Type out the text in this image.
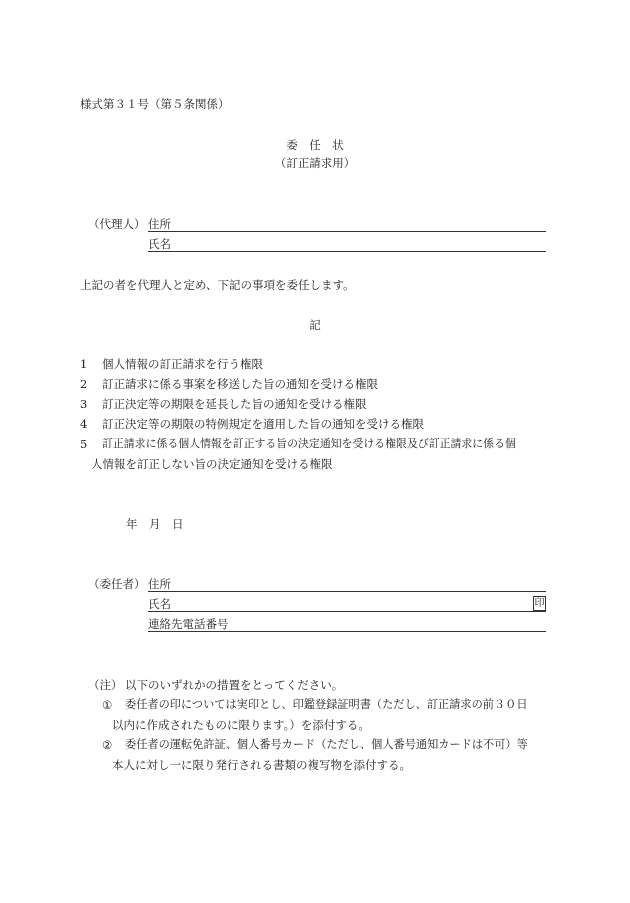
様式第３１号（第５条関係）
委　任　状
（訂正請求用）
（代理人） 住所
氏名
上記の者を代理人と定め、下記の事項を委任します。
記
1 個人情報の訂正請求を行う権限
2 訂正請求に係る事案を移送した旨の通知を受ける権限
3 訂正決定等の期限を延長した旨の通知を受ける権限
4 訂正決定等の期限の特例規定を適用した旨の通知を受ける権限
5 訂正請求に係る個人情報を訂正する旨の決定通知を受ける権限及び訂正請求に係る個
人情報を訂正しない旨の決定通知を受ける権限
年　月　日
（委任者） 住所
氏名	印
連絡先電話番号
（注） 以下のいずれかの措置をとってください。
① 委任者の印については実印とし、印鑑登録証明書（ただし、訂正請求の前３０日
以内に作成されたものに限ります。）を添付する。
② 委任者の運転免許証、個人番号カード（ただし、個人番号通知カードは不可）等
本人に対し一に限り発行される書類の複写物を添付する。
